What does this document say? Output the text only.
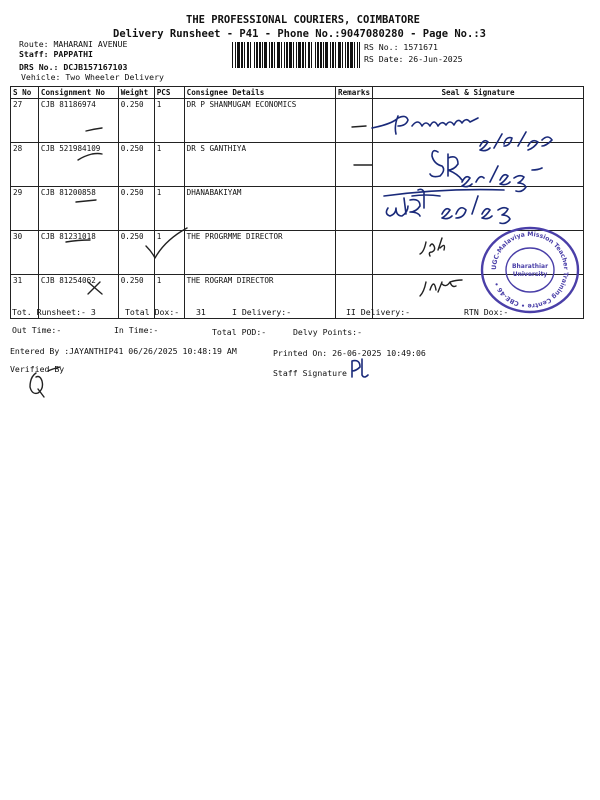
THE PROFESSIONAL COURIERS, COIMBATORE
Delivery Runsheet - P41 - Phone No.:9047080280 - Page No.:3
Route: MAHARANI AVENUE
Staff: PAPPATHI
DRS No.: DCJB157167103
Vehicle: Two Wheeler Delivery
RS No.: 1571671
RS Date: 26-Jun-2025
S No	Consignment No	Weight	PCS	Consignee Details	Remarks	Seal & Signature
27	CJB 81186974	0.250	1	DR P SHANMUGAM ECONOMICS		
28	CJB 521984109	0.250	1	DR S GANTHIYA		
29	CJB 81200858	0.250	1	DHANABAKIYAM		
30	CJB 81231018	0.250	1	THE PROGRMME DIRECTOR		
31	CJB 81254062	0.250	1	THE ROGRAM DIRECTOR		
UGC-Malaviya Mission Teacher Training Centre • CBE-46 •
Bharathiar
University
Tot. Runsheet:- 3	Total Dox:- 31	I Delivery:-	II Delivery:-	RTN Dox:-
Out Time:-	In Time:-	Total POD:-	Delvy Points:-
Entered By :JAYANTHIP41 06/26/2025 10:48:19 AM	Printed On: 26-06-2025 10:49:06
Verified By	Staff Signature
